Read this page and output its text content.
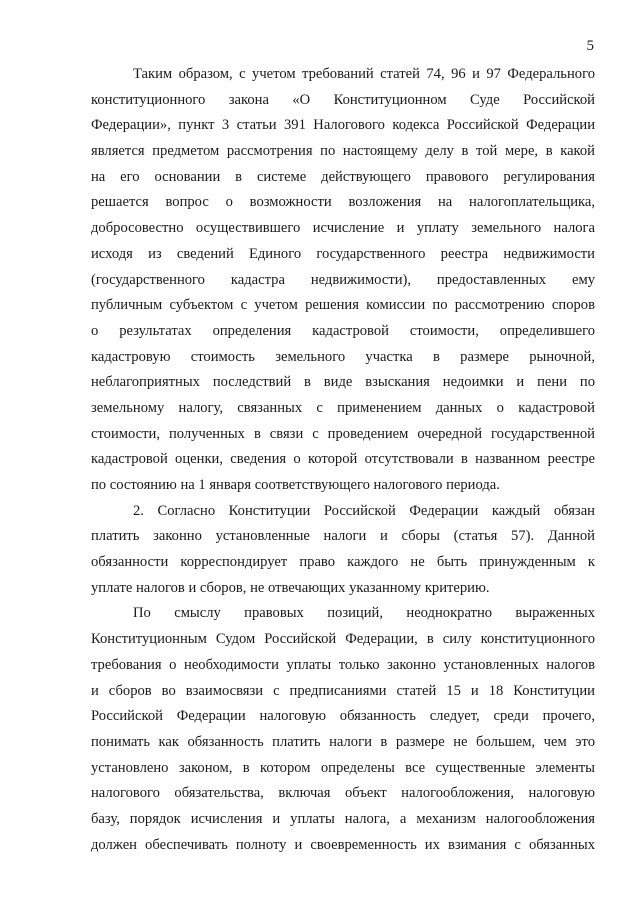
5
Таким образом, с учетом требований статей 74, 96 и 97 Федерального
конституционного закона «О Конституционном Суде Российской
Федерации», пункт 3 статьи 391 Налогового кодекса Российской Федерации
является предметом рассмотрения по настоящему делу в той мере, в какой
на его основании в системе действующего правового регулирования
решается вопрос о возможности возложения на налогоплательщика,
добросовестно осуществившего исчисление и уплату земельного налога
исходя из сведений Единого государственного реестра недвижимости
(государственного кадастра недвижимости), предоставленных ему
публичным субъектом с учетом решения комиссии по рассмотрению споров
о результатах определения кадастровой стоимости, определившего
кадастровую стоимость земельного участка в размере рыночной,
неблагоприятных последствий в виде взыскания недоимки и пени по
земельному налогу, связанных с применением данных о кадастровой
стоимости, полученных в связи с проведением очередной государственной
кадастровой оценки, сведения о которой отсутствовали в названном реестре
по состоянию на 1 января соответствующего налогового периода.
2. Согласно Конституции Российской Федерации каждый обязан
платить законно установленные налоги и сборы (статья 57). Данной
обязанности корреспондирует право каждого не быть принужденным к
уплате налогов и сборов, не отвечающих указанному критерию.
По смыслу правовых позиций, неоднократно выраженных
Конституционным Судом Российской Федерации, в силу конституционного
требования о необходимости уплаты только законно установленных налогов
и сборов во взаимосвязи с предписаниями статей 15 и 18 Конституции
Российской Федерации налоговую обязанность следует, среди прочего,
понимать как обязанность платить налоги в размере не большем, чем это
установлено законом, в котором определены все существенные элементы
налогового обязательства, включая объект налогообложения, налоговую
базу, порядок исчисления и уплаты налога, а механизм налогообложения
должен обеспечивать полноту и своевременность их взимания с обязанных
